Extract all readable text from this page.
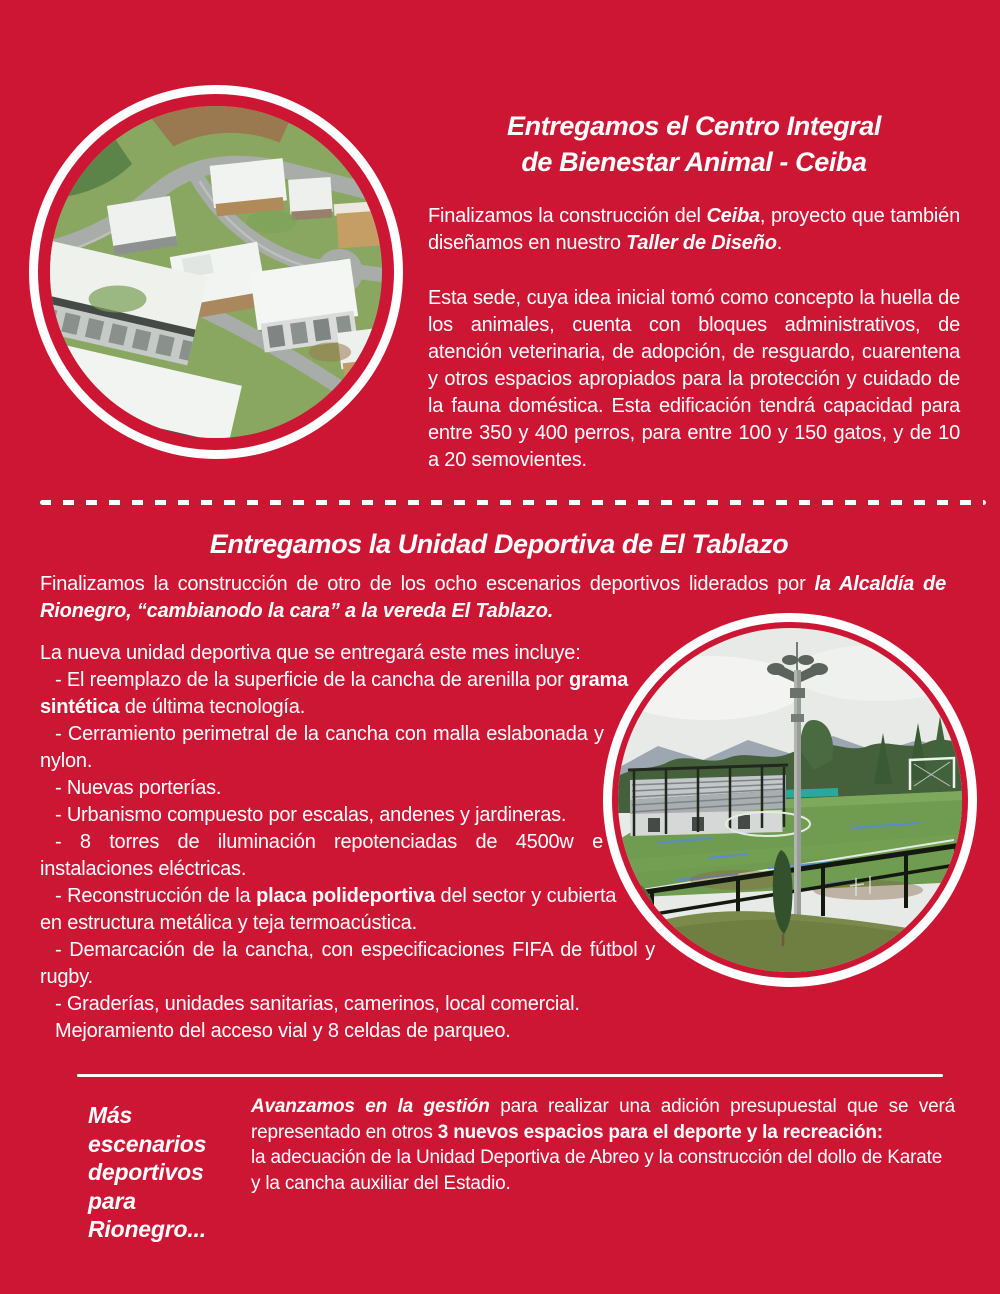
Entregamos el Centro Integral
de Bienestar Animal - Ceiba

Finalizamos la construcción del Ceiba, proyecto que también diseñamos en nuestro Taller de Diseño.

Esta sede, cuya idea inicial tomó como concepto la huella de los animales, cuenta con bloques administrativos, de atención veterinaria, de adopción, de resguardo, cuarentena y otros espacios apropiados para la protección y cuidado de la fauna doméstica. Esta edificación tendrá capacidad para entre 350 y 400 perros, para entre 100 y 150 gatos, y de 10 a 20 semovientes.

Entregamos la Unidad Deportiva de El Tablazo

Finalizamos la construcción de otro de los ocho escenarios deportivos liderados por la Alcaldía de Rionegro, “cambianodo la cara” a la vereda El Tablazo.

La nueva unidad deportiva que se entregará este mes incluye:

- El reemplazo de la superficie de la cancha de arenilla por grama sintética de última tecnología.
- Cerramiento perimetral de la cancha con malla eslabonada y nylon.
- Nuevas porterías.
- Urbanismo compuesto por escalas, andenes y jardineras.
- 8 torres de iluminación repotenciadas de 4500w e instalaciones eléctricas.
- Reconstrucción de la placa polideportiva del sector y cubierta en estructura metálica y teja termoacústica.
- Demarcación de la cancha, con especificaciones FIFA de fútbol y rugby.
- Graderías, unidades sanitarias, camerinos, local comercial.
Mejoramiento del acceso vial y 8 celdas de parqueo.
Más escenarios
deportivos
para Rionegro...

Avanzamos en la gestión para realizar una adición presupuestal que se verá representado en otros 3 nuevos espacios para el deporte y la recreación:

la adecuación de la Unidad Deportiva de Abreo y la construcción del dollo de Karate y la cancha auxiliar del Estadio.
